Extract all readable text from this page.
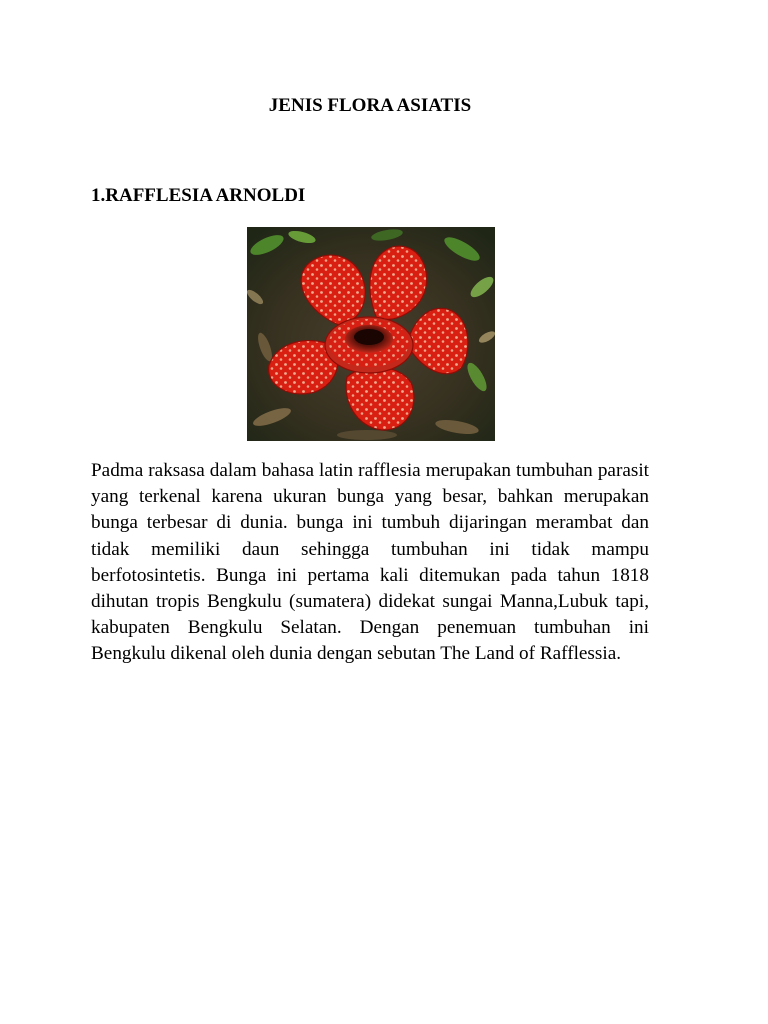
JENIS FLORA ASIATIS
1.RAFFLESIA ARNOLDI

Padma raksasa dalam bahasa latin rafflesia merupakan tumbuhan parasit yang terkenal karena ukuran bunga yang besar, bahkan merupakan bunga terbesar di dunia. bunga ini tumbuh dijaringan merambat dan tidak memiliki daun sehingga tumbuhan ini tidak mampu berfotosintetis. Bunga ini pertama kali ditemukan pada tahun 1818 dihutan tropis Bengkulu (sumatera) didekat sungai Manna,Lubuk tapi, kabupaten Bengkulu Selatan. Dengan penemuan tumbuhan ini Bengkulu dikenal oleh dunia dengan sebutan The Land of Rafflessia.
